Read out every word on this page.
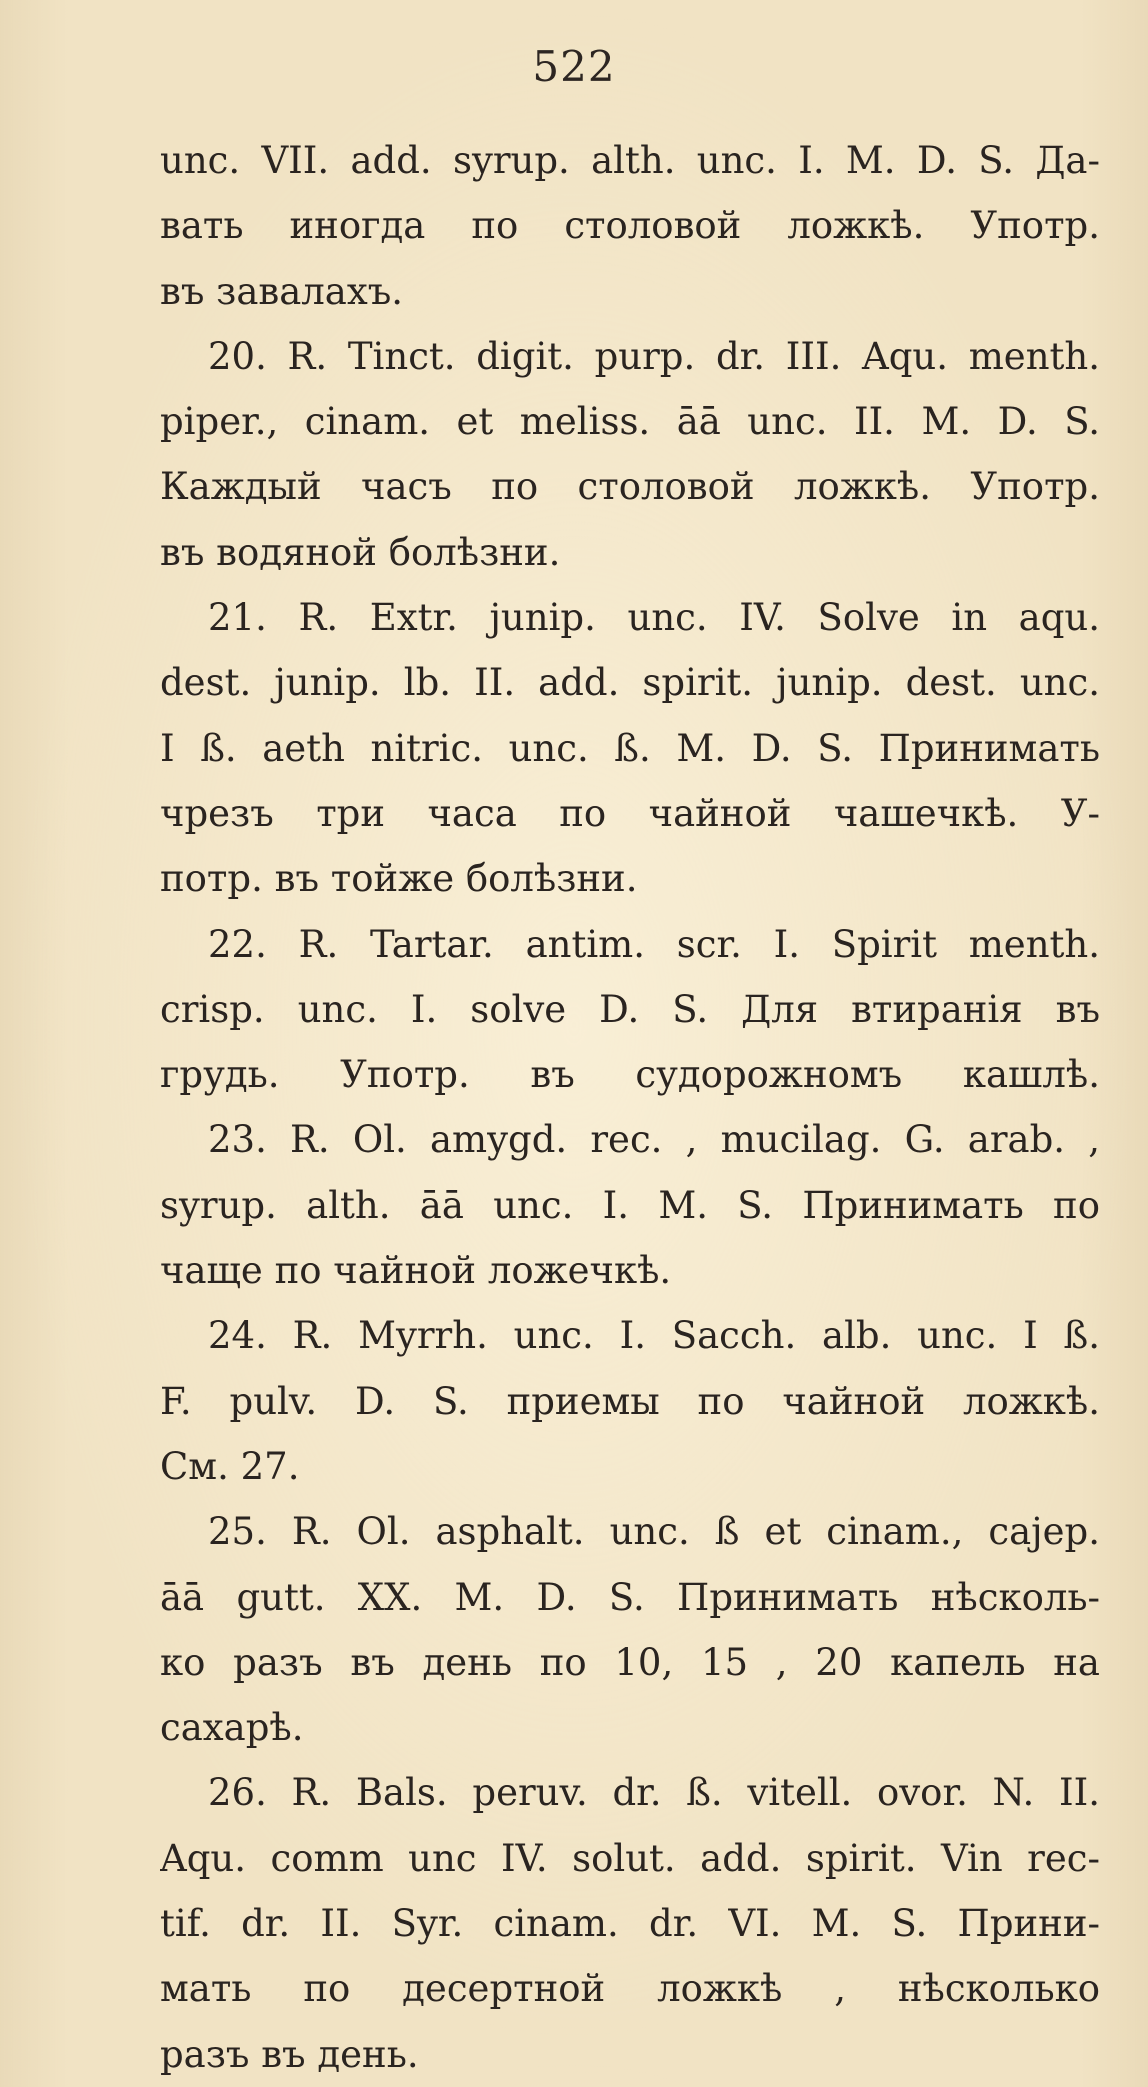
522
unc. VII. add. syrup. alth. unc. I. M. D. S. Да-
вать иногда по столовой ложкѣ. Употр.
въ завалахъ.
20. R. Tinct. digit. purp. dr. III. Aqu. menth.
piper., cinam. et meliss. āā unc. II. M. D. S.
Каждый часъ по столовой ложкѣ. Употр.
въ водяной болѣзни.
21. R. Extr. junip. unc. IV. Solve in aqu.
dest. junip. lb. II. add. spirit. junip. dest. unc.
I ß. aeth nitric. unc. ß. M. D. S. Принимать
чрезъ три часа по чайной чашечкѣ. У-
потр. въ тойже болѣзни.
22. R. Tartar. antim. scr. I. Spirit menth.
crisp. unc. I. solve D. S. Для втиранія въ
грудь. Употр. въ судорожномъ кашлѣ.
23. R. Ol. amygd. rec. , mucilag. G. arab. ,
syrup. alth. āā unc. I. M. S. Принимать по
чаще по чайной ложечкѣ.
24. R. Myrrh. unc. I. Sacch. alb. unc. I ß.
F. pulv. D. S. приемы по чайной ложкѣ.
См. 27.
25. R. Ol. asphalt. unc. ß et cinam., cajep.
āā gutt. XX. M. D. S. Принимать нѣсколь-
ко разъ въ день по 10, 15 , 20 капель на
сахарѣ.
26. R. Bals. peruv. dr. ß. vitell. ovor. N. II.
Aqu. comm unc IV. solut. add. spirit. Vin rec-
tif. dr. II. Syr. cinam. dr. VI. M. S. Прини-
мать по десертной ложкѣ , нѣсколько
разъ въ день.
